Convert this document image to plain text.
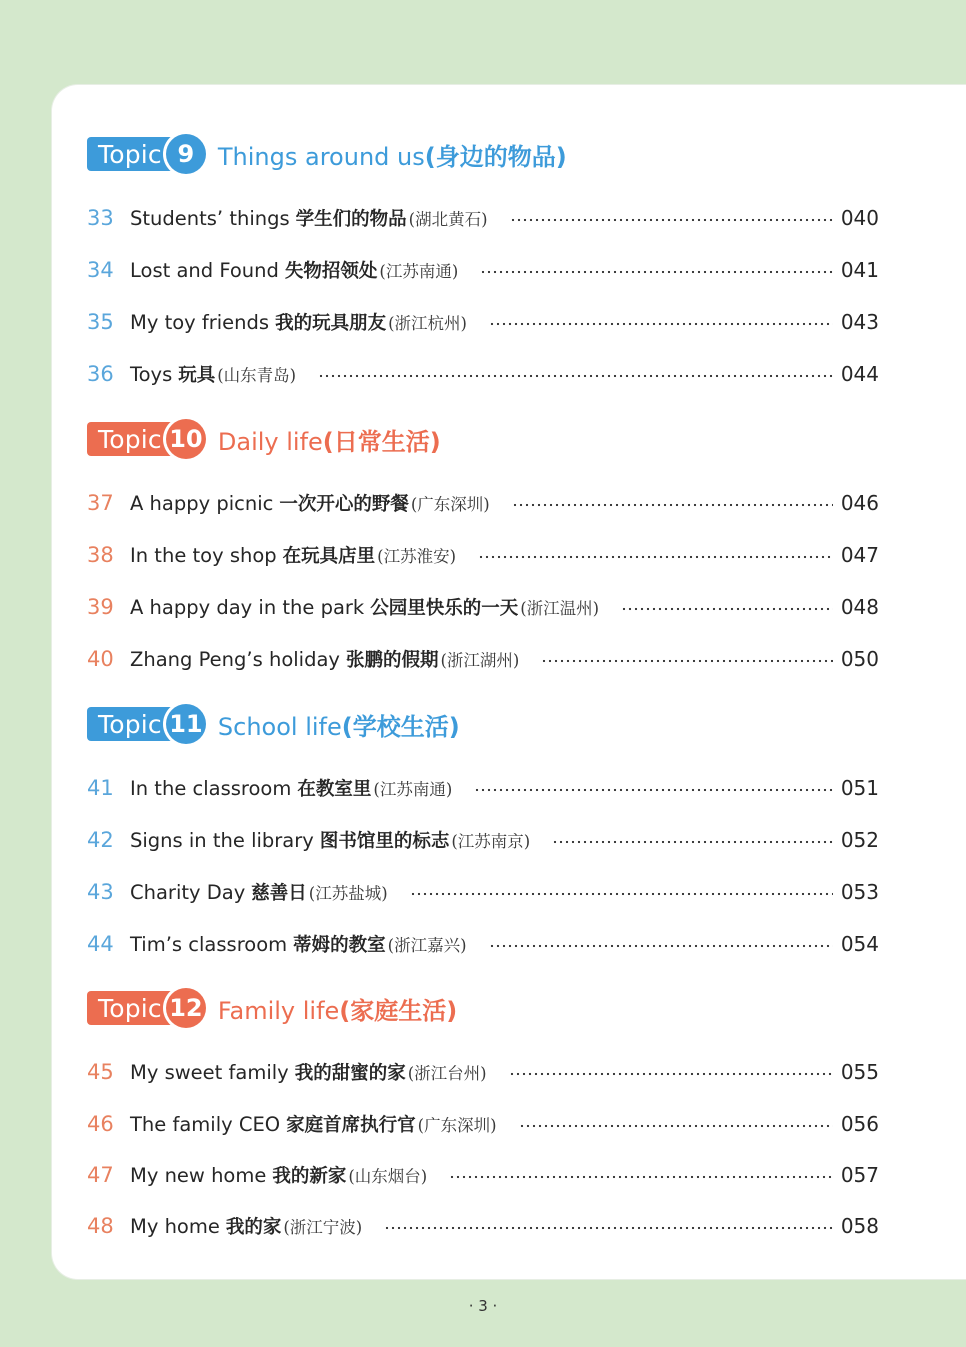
Topic 9 Things around us(身边的物品)
33 Students’ things 学生们的物品 (湖北黄石)	040
34 Lost and Found 失物招领处 (江苏南通)	041
35 My toy friends 我的玩具朋友 (浙江杭州)	043
36 Toys 玩具 (山东青岛)	044
Topic 10 Daily life(日常生活)
37 A happy picnic 一次开心的野餐 (广东深圳)	046
38 In the toy shop 在玩具店里 (江苏淮安)	047
39 A happy day in the park 公园里快乐的一天 (浙江温州)	048
40 Zhang Peng’s holiday 张鹏的假期 (浙江湖州)	050
Topic 11 School life(学校生活)
41 In the classroom 在教室里 (江苏南通)	051
42 Signs in the library 图书馆里的标志 (江苏南京)	052
43 Charity Day 慈善日 (江苏盐城)	053
44 Tim’s classroom 蒂姆的教室 (浙江嘉兴)	054
Topic 12 Family life(家庭生活)
45 My sweet family 我的甜蜜的家 (浙江台州)	055
46 The family CEO 家庭首席执行官 (广东深圳)	056
47 My new home 我的新家 (山东烟台)	057
48 My home 我的家 (浙江宁波)	058
· 3 ·
